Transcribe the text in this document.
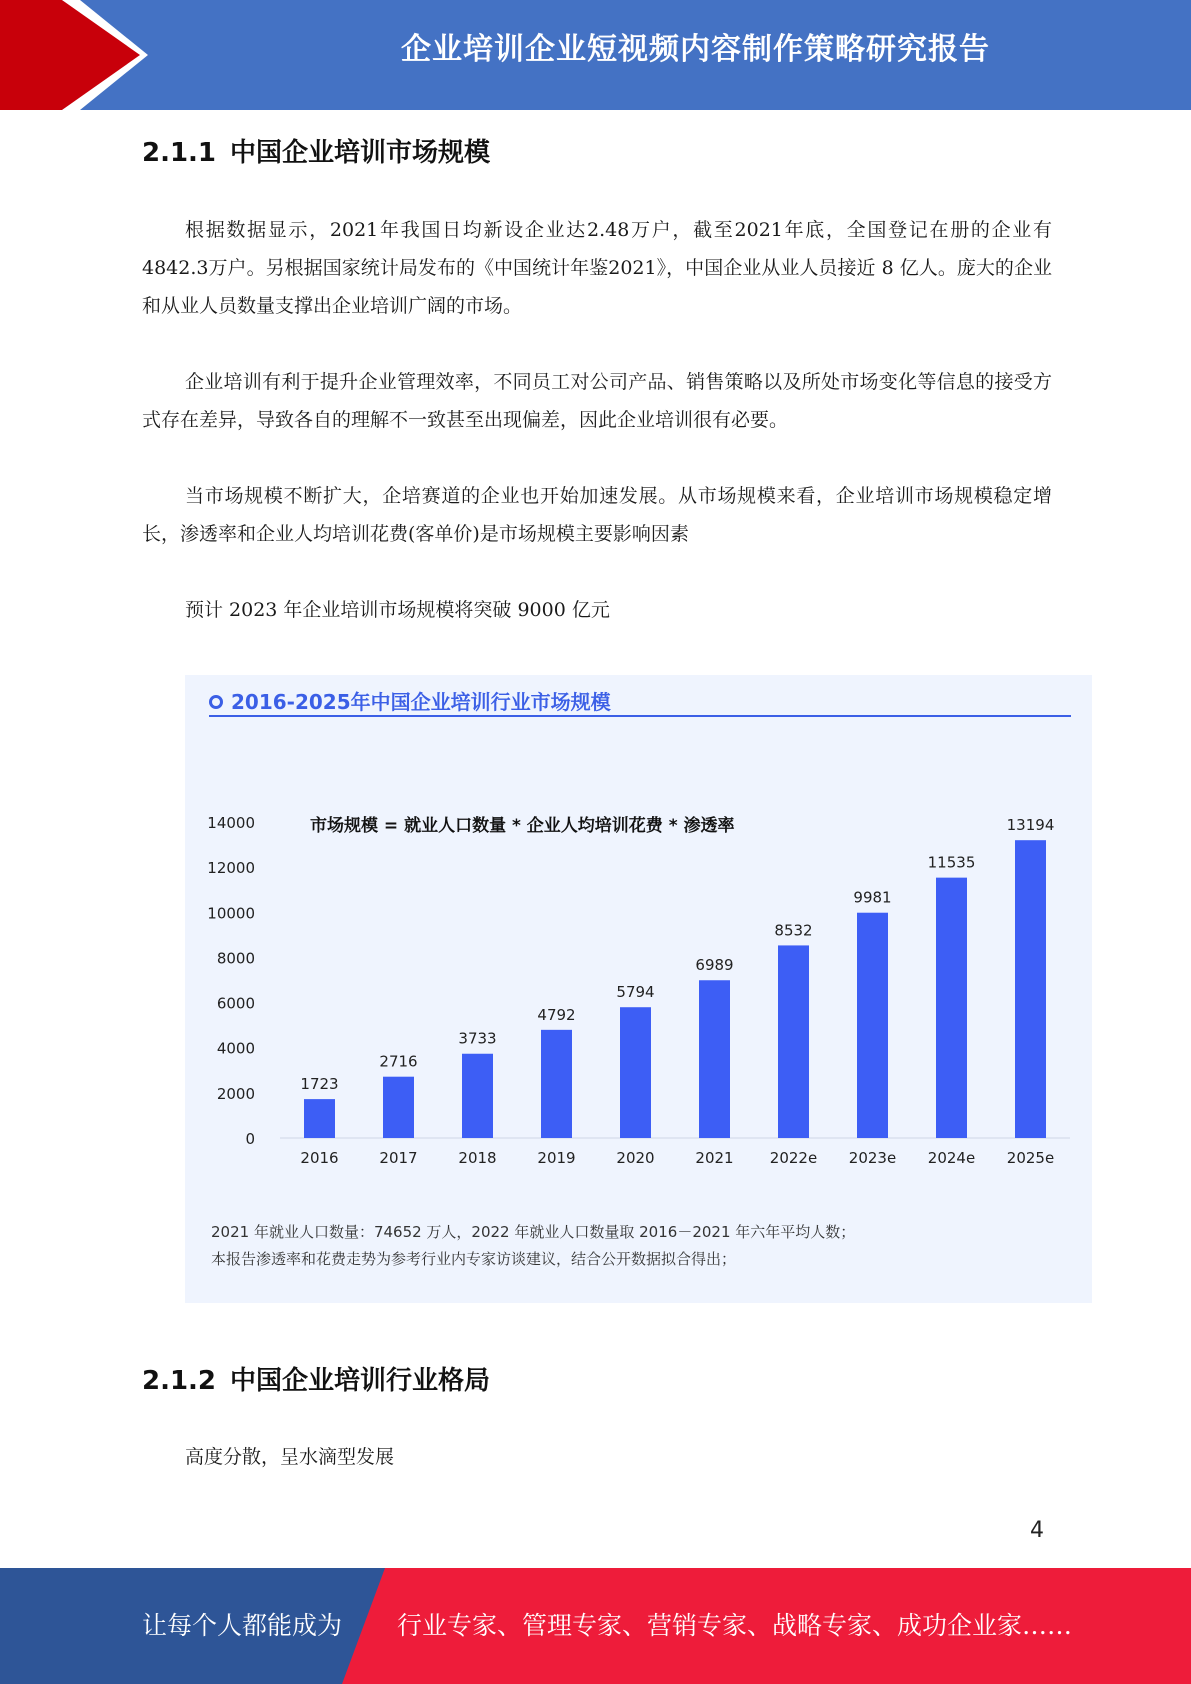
企业培训企业短视频内容制作策略研究报告
2.1.1 中国企业培训市场规模
根据数据显示，2021年我国日均新设企业达2.48万户，截至2021年底，全国登记在册的企业有4842.3万户。另根据国家统计局发布的《中国统计年鉴2021》，中国企业从业人员接近 8 亿人。庞大的企业和从业人员数量支撑出企业培训广阔的市场。
企业培训有利于提升企业管理效率，不同员工对公司产品、销售策略以及所处市场变化等信息的接受方式存在差异，导致各自的理解不一致甚至出现偏差，因此企业培训很有必要。
当市场规模不断扩大，企培赛道的企业也开始加速发展。从市场规模来看，企业培训市场规模稳定增长，渗透率和企业人均培训花费(客单价)是市场规模主要影响因素
预计 2023 年企业培训市场规模将突破 9000 亿元
2016-2025年中国企业培训行业市场规模
市场规模 = 就业人口数量 * 企业人均培训花费 * 渗透率
0
2000
4000
6000
8000
10000
12000
14000
1723
2016
2716
2017
3733
2018
4792
2019
5794
2020
6989
2021
8532
2022e
9981
2023e
11535
2024e
13194
2025e
2021 年就业人口数量：74652 万人，2022 年就业人口数量取 2016－2021 年六年平均人数；
本报告渗透率和花费走势为参考行业内专家访谈建议，结合公开数据拟合得出；
2.1.2 中国企业培训行业格局
高度分散，呈水滴型发展
4
让每个人都能成为 行业专家、管理专家、营销专家、战略专家、成功企业家……
